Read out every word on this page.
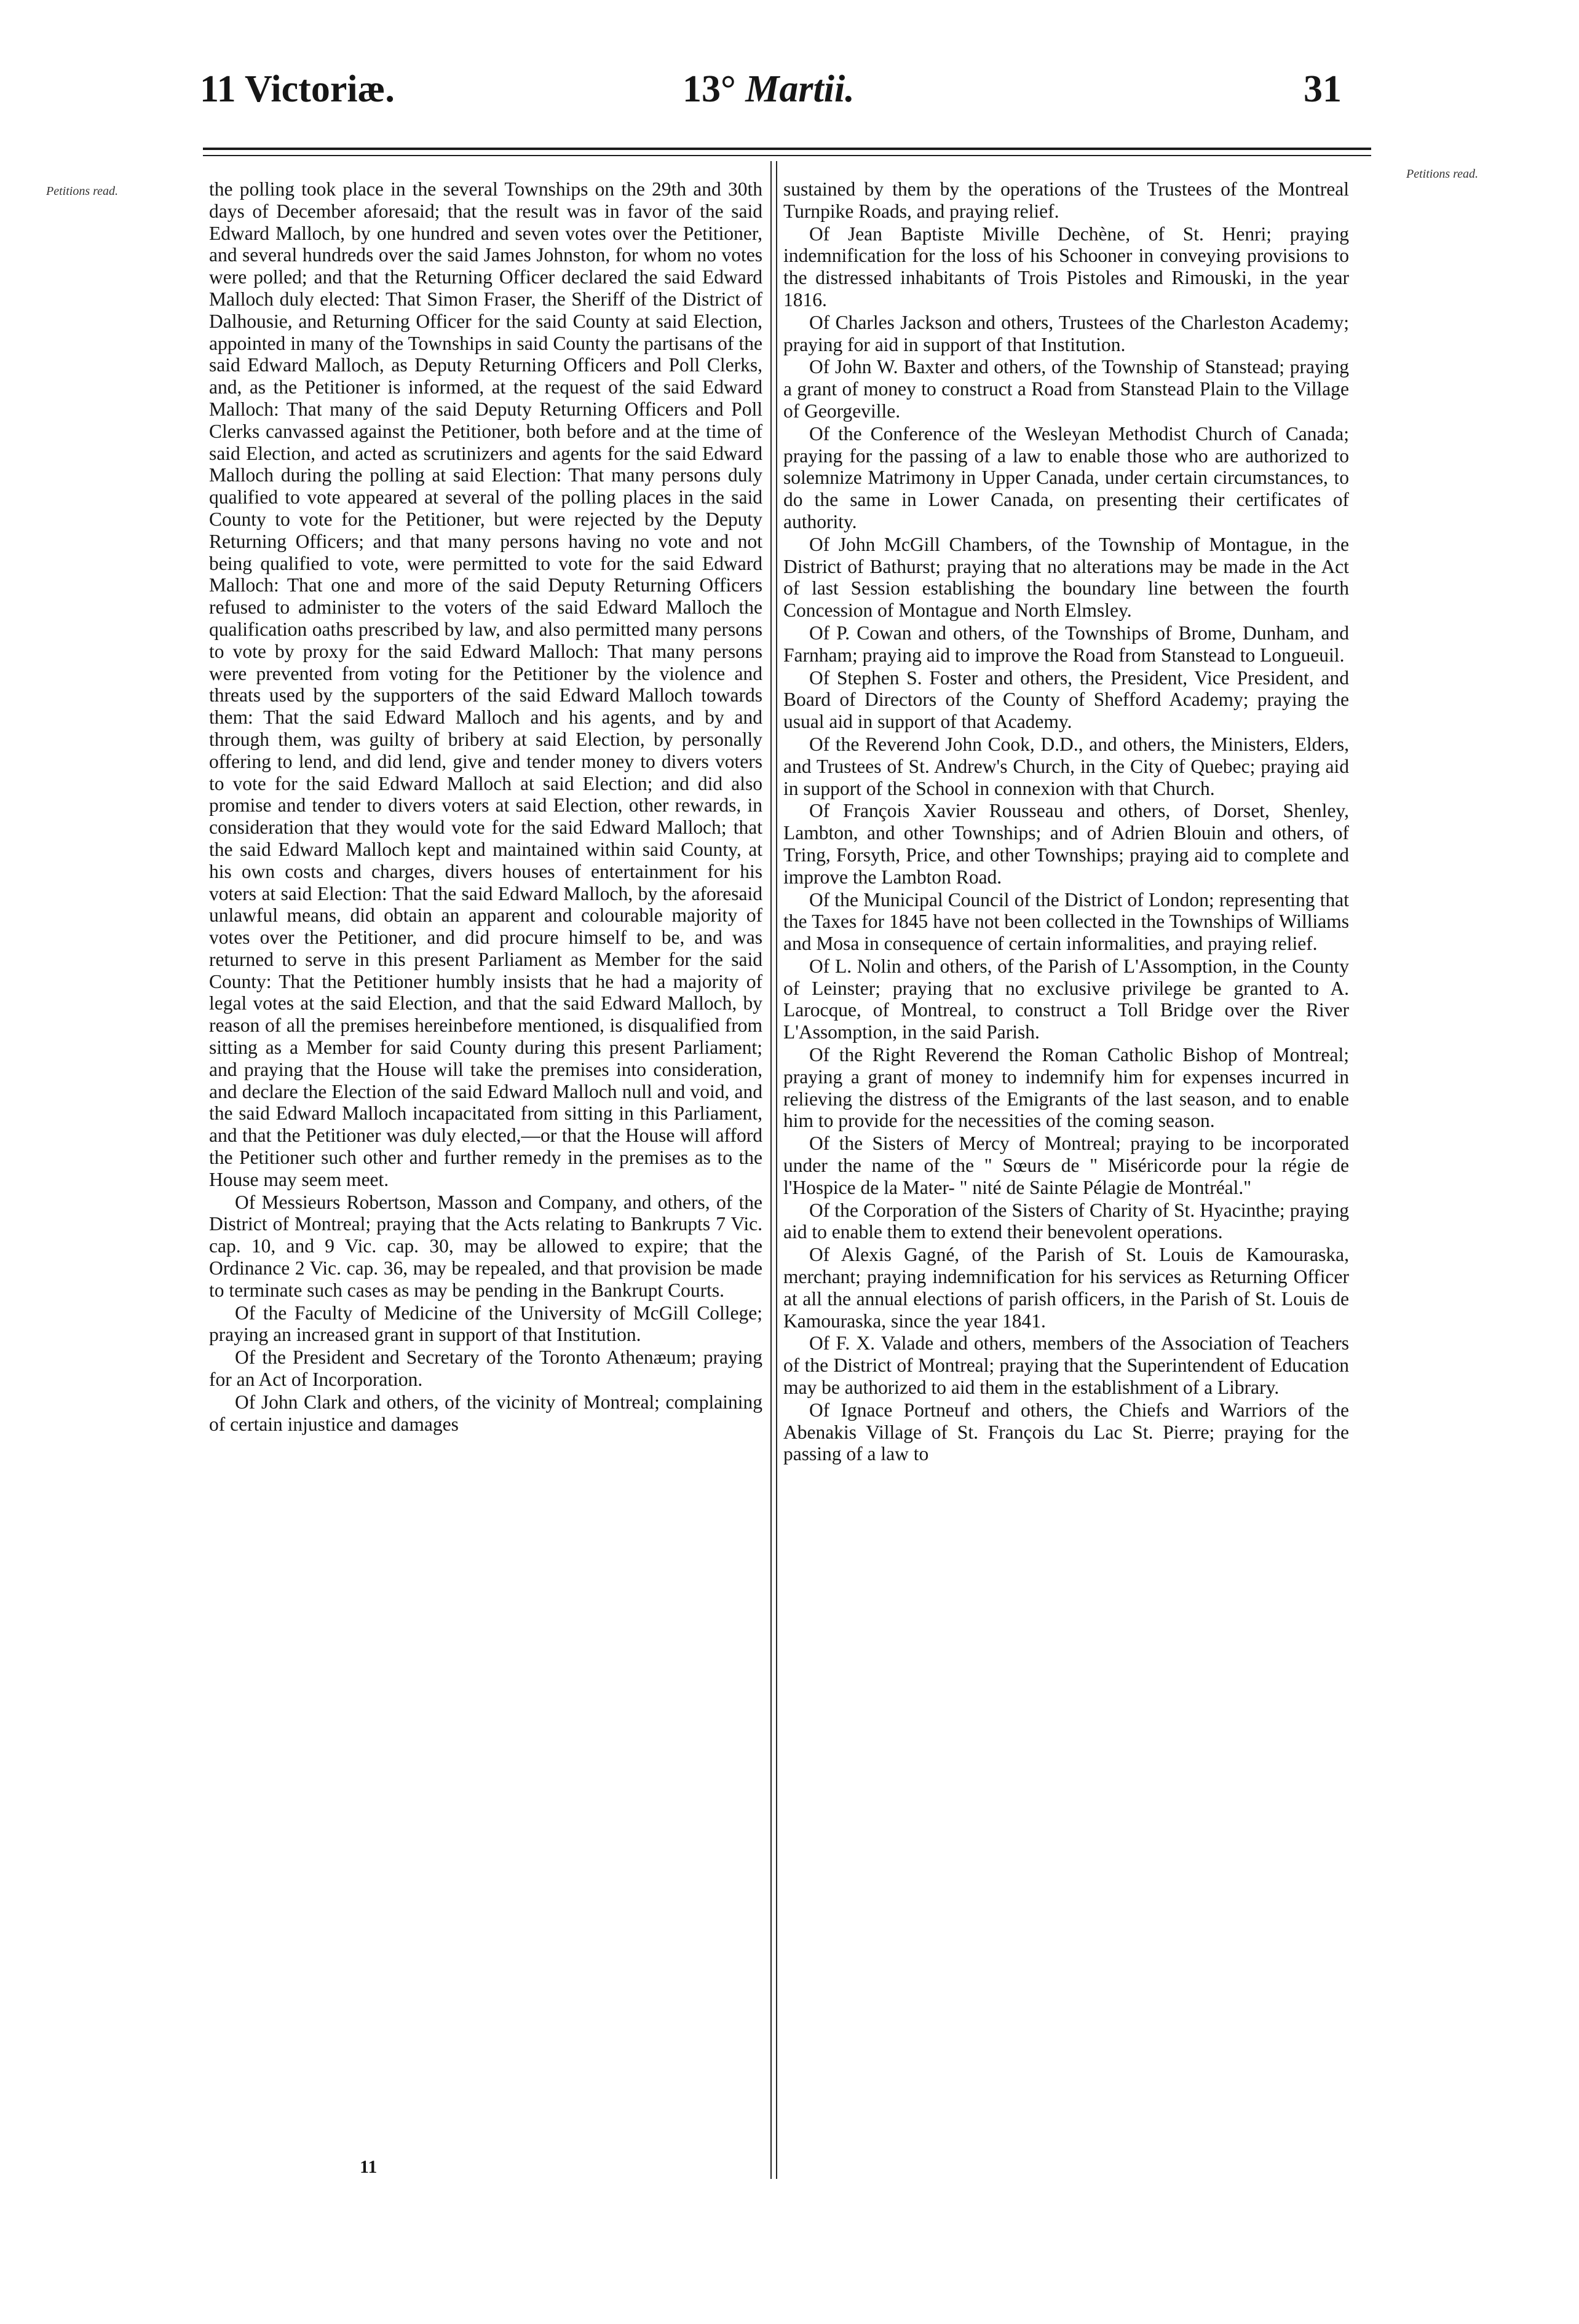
11 Victoriæ.	13° Martii.	31
Petitions read.
Petitions read.

the polling took place in the several Townships on the 29th and 30th days of December aforesaid; that the result was in favor of the said Edward Malloch, by one hundred and seven votes over the Petitioner, and several hundreds over the said James Johnston, for whom no votes were polled; and that the Returning Officer declared the said Edward Malloch duly elected: That Simon Fraser, the Sheriff of the District of Dalhousie, and Returning Officer for the said County at said Election, appointed in many of the Townships in said County the partisans of the said Edward Malloch, as Deputy Returning Officers and Poll Clerks, and, as the Petitioner is informed, at the request of the said Edward Malloch: That many of the said Deputy Returning Officers and Poll Clerks canvassed against the Petitioner, both before and at the time of said Election, and acted as scrutinizers and agents for the said Edward Malloch during the polling at said Election: That many persons duly qualified to vote appeared at several of the polling places in the said County to vote for the Petitioner, but were rejected by the Deputy Returning Officers; and that many persons having no vote and not being qualified to vote, were permitted to vote for the said Edward Malloch: That one and more of the said Deputy Returning Officers refused to administer to the voters of the said Edward Malloch the qualification oaths prescribed by law, and also permitted many persons to vote by proxy for the said Edward Malloch: That many persons were prevented from voting for the Petitioner by the violence and threats used by the supporters of the said Edward Malloch towards them: That the said Edward Malloch and his agents, and by and through them, was guilty of bribery at said Election, by personally offering to lend, and did lend, give and tender money to divers voters to vote for the said Edward Malloch at said Election; and did also promise and tender to divers voters at said Election, other rewards, in consideration that they would vote for the said Edward Malloch; that the said Edward Malloch kept and maintained within said County, at his own costs and charges, divers houses of entertainment for his voters at said Election: That the said Edward Malloch, by the aforesaid unlawful means, did obtain an apparent and colourable majority of votes over the Petitioner, and did procure himself to be, and was returned to serve in this present Parliament as Member for the said County: That the Petitioner humbly insists that he had a majority of legal votes at the said Election, and that the said Edward Malloch, by reason of all the premises hereinbefore mentioned, is disqualified from sitting as a Member for said County during this present Parliament; and praying that the House will take the premises into consideration, and declare the Election of the said Edward Malloch null and void, and the said Edward Malloch incapacitated from sitting in this Parliament, and that the Petitioner was duly elected,—or that the House will afford the Petitioner such other and further remedy in the premises as to the House may seem meet.

Of Messieurs Robertson, Masson and Company, and others, of the District of Montreal; praying that the Acts relating to Bankrupts 7 Vic. cap. 10, and 9 Vic. cap. 30, may be allowed to expire; that the Ordinance 2 Vic. cap. 36, may be repealed, and that provision be made to terminate such cases as may be pending in the Bankrupt Courts.

Of the Faculty of Medicine of the University of McGill College; praying an increased grant in support of that Institution.

Of the President and Secretary of the Toronto Athenæum; praying for an Act of Incorporation.

Of John Clark and others, of the vicinity of Montreal; complaining of certain injustice and damages

sustained by them by the operations of the Trustees of the Montreal Turnpike Roads, and praying relief.

Of Jean Baptiste Miville Dechène, of St. Henri; praying indemnification for the loss of his Schooner in conveying provisions to the distressed inhabitants of Trois Pistoles and Rimouski, in the year 1816.

Of Charles Jackson and others, Trustees of the Charleston Academy; praying for aid in support of that Institution.

Of John W. Baxter and others, of the Township of Stanstead; praying a grant of money to construct a Road from Stanstead Plain to the Village of Georgeville.

Of the Conference of the Wesleyan Methodist Church of Canada; praying for the passing of a law to enable those who are authorized to solemnize Matrimony in Upper Canada, under certain circumstances, to do the same in Lower Canada, on presenting their certificates of authority.

Of John McGill Chambers, of the Township of Montague, in the District of Bathurst; praying that no alterations may be made in the Act of last Session establishing the boundary line between the fourth Concession of Montague and North Elmsley.

Of P. Cowan and others, of the Townships of Brome, Dunham, and Farnham; praying aid to improve the Road from Stanstead to Longueuil.

Of Stephen S. Foster and others, the President, Vice President, and Board of Directors of the County of Shefford Academy; praying the usual aid in support of that Academy.

Of the Reverend John Cook, D.D., and others, the Ministers, Elders, and Trustees of St. Andrew's Church, in the City of Quebec; praying aid in support of the School in connexion with that Church.

Of François Xavier Rousseau and others, of Dorset, Shenley, Lambton, and other Townships; and of Adrien Blouin and others, of Tring, Forsyth, Price, and other Townships; praying aid to complete and improve the Lambton Road.

Of the Municipal Council of the District of London; representing that the Taxes for 1845 have not been collected in the Townships of Williams and Mosa in consequence of certain informalities, and praying relief.

Of L. Nolin and others, of the Parish of L'Assomption, in the County of Leinster; praying that no exclusive privilege be granted to A. Larocque, of Montreal, to construct a Toll Bridge over the River L'Assomption, in the said Parish.

Of the Right Reverend the Roman Catholic Bishop of Montreal; praying a grant of money to indemnify him for expenses incurred in relieving the distress of the Emigrants of the last season, and to enable him to provide for the necessities of the coming season.

Of the Sisters of Mercy of Montreal; praying to be incorporated under the name of the " Sœurs de " Miséricorde pour la régie de l'Hospice de la Mater- " nité de Sainte Pélagie de Montréal."

Of the Corporation of the Sisters of Charity of St. Hyacinthe; praying aid to enable them to extend their benevolent operations.

Of Alexis Gagné, of the Parish of St. Louis de Kamouraska, merchant; praying indemnification for his services as Returning Officer at all the annual elections of parish officers, in the Parish of St. Louis de Kamouraska, since the year 1841.

Of F. X. Valade and others, members of the Association of Teachers of the District of Montreal; praying that the Superintendent of Education may be authorized to aid them in the establishment of a Library.

Of Ignace Portneuf and others, the Chiefs and Warriors of the Abenakis Village of St. François du Lac St. Pierre; praying for the passing of a law to

11
